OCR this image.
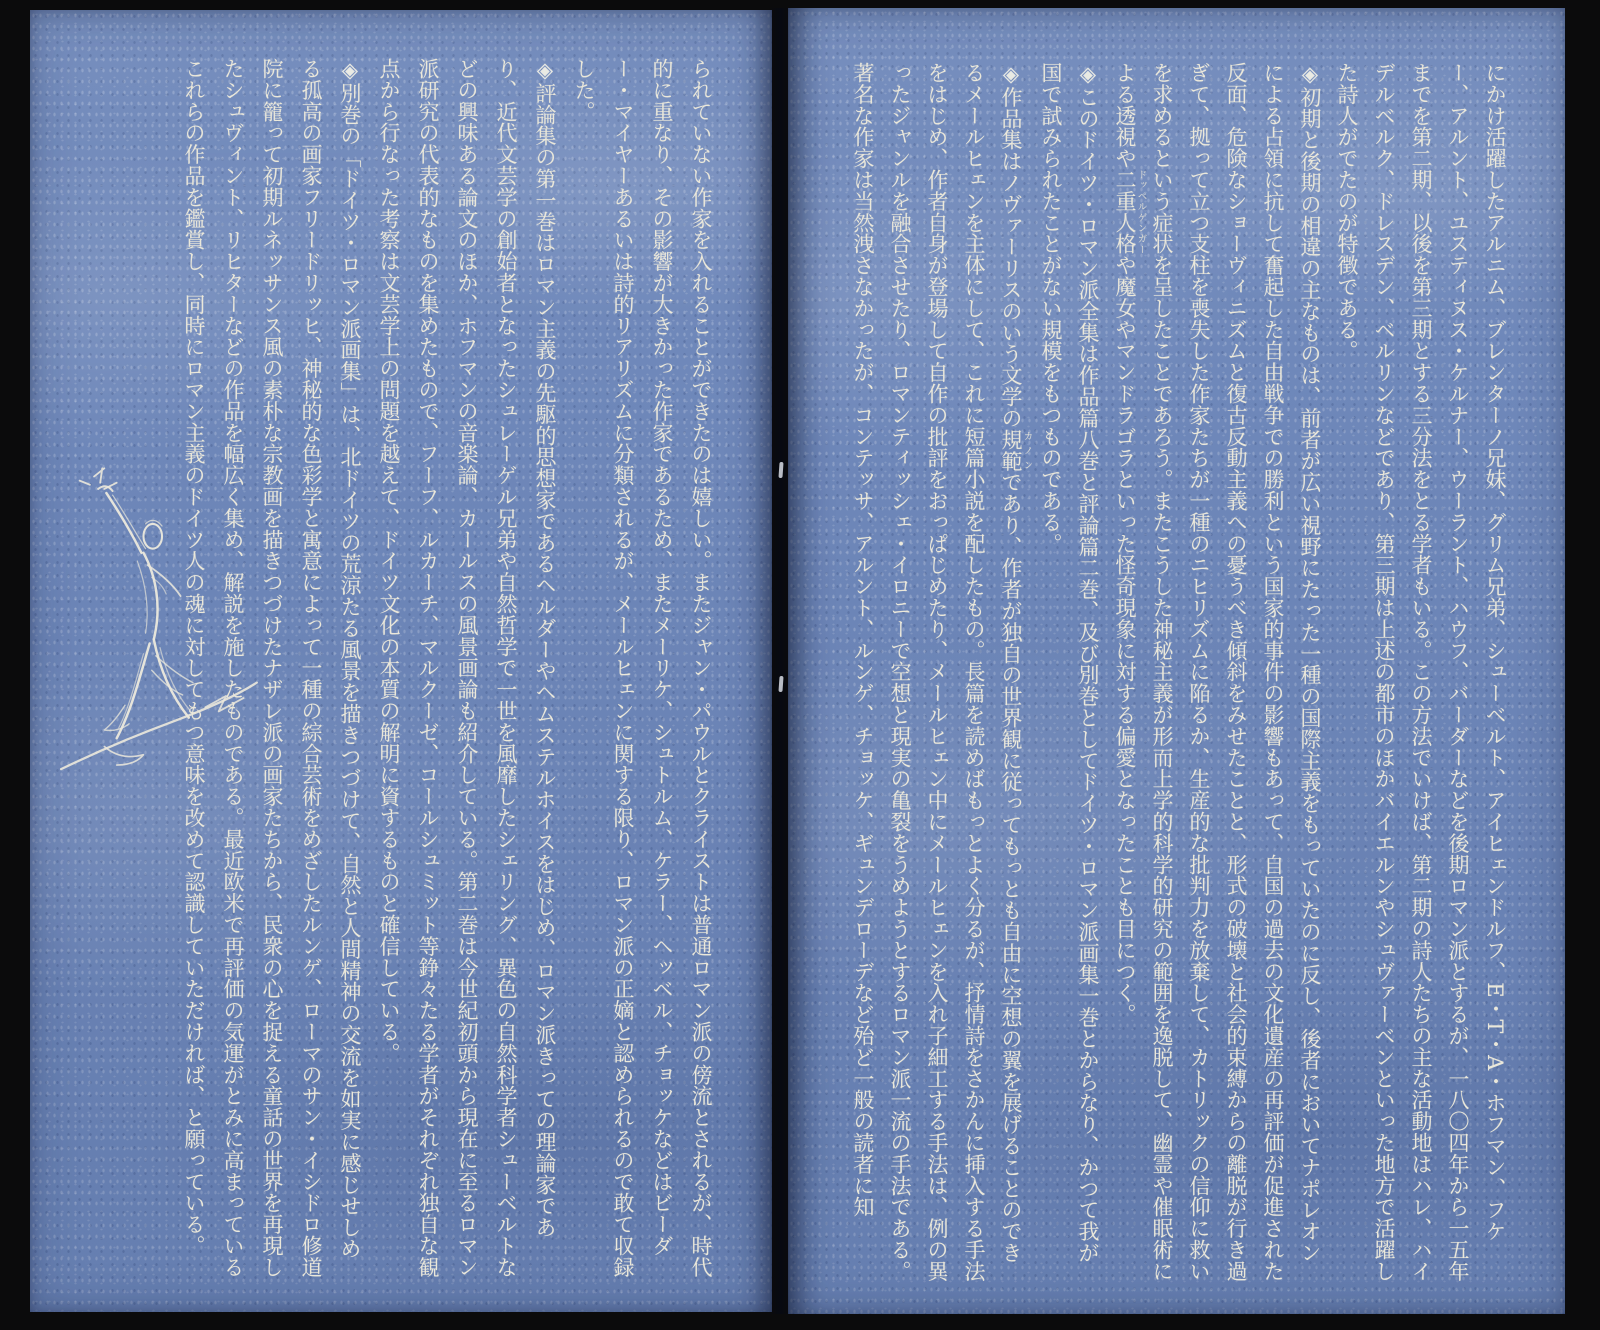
られていない作家を入れることができたのは嬉しい。またジャン・パウルとクライストは普通ロマン派の傍流とされるが、時代的に重なり、その影響が大きかった作家であるため、またメーリケ、シュトルム、ケラー、ヘッベル、チョッケなどはビーダー・マイヤーあるいは詩的リアリズムに分類されるが、メールヒェンに関する限り、ロマン派の正嫡と認められるので敢て収録した。

◈評論集の第一巻はロマン主義の先駆的思想家であるヘルダーやヘムステルホイスをはじめ、ロマン派きっての理論家であり、近代文芸学の創始者となったシュレーゲル兄弟や自然哲学で一世を風靡したシェリング、異色の自然科学者シューベルトなどの興味ある論文のほか、ホフマンの音楽論、カールスの風景画論も紹介している。第二巻は今世紀初頭から現在に至るロマン派研究の代表的なものを集めたもので、フーフ、ルカーチ、マルクーゼ、コールシュミット等錚々たる学者がそれぞれ独自な観点から行なった考察は文芸学上の問題を越えて、ドイツ文化の本質の解明に資するものと確信している。

◈別巻の「ドイツ・ロマン派画集」は、北ドイツの荒涼たる風景を描きつづけて、自然と人間精神の交流を如実に感じせしめる孤高の画家フリードリッヒ、神秘的な色彩学と寓意によって一種の綜合芸術をめざしたルンゲ、ローマのサン・イシドロ修道院に籠って初期ルネッサンス風の素朴な宗教画を描きつづけたナザレ派の画家たちから、民衆の心を捉える童話の世界を再現したシュヴィント、リヒターなどの作品を幅広く集め、解説を施したものである。最近欧米で再評価の気運がとみに高まっているこれらの作品を鑑賞し、同時にロマン主義のドイツ人の魂に対してもつ意味を改めて認識していただければ、と願っている。	にかけ活躍したアルニム、ブレンターノ兄妹、グリム兄弟、シューベルト、アイヒェンドルフ、E・T・A・ホフマン、フケー、アルント、ユスティヌス・ケルナー、ウーラント、ハウフ、バーダーなどを後期ロマン派とするが、一八〇四年から一五年までを第二期、以後を第三期とする三分法をとる学者もいる。この方法でいけば、第二期の詩人たちの主な活動地はハレ、ハイデルベルク、ドレスデン、ベルリンなどであり、第三期は上述の都市のほかバイエルンやシュヴァーベンといった地方で活躍した詩人がでたのが特徴である。

◈初期と後期の相違の主なものは、前者が広い視野にたった一種の国際主義をもっていたのに反し、後者においてナポレオンによる占領に抗して奮起した自由戦争での勝利という国家的事件の影響もあって、自国の過去の文化遺産の再評価が促進された反面、危険なショーヴィニズムと復古反動主義への憂うべき傾斜をみせたことと、形式の破壊と社会的束縛からの離脱が行き過ぎて、拠って立つ支柱を喪失した作家たちが一種のニヒリズムに陥るか、生産的な批判力を放棄して、カトリックの信仰に救いを求めるという症状を呈したことであろう。またこうした神秘主義が形而上学的科学的研究の範囲を逸脱して、幽霊や催眠術による透視や二重人格ドッペルゲンガーや魔女やマンドラゴラといった怪奇現象に対する偏愛となったことも目につく。

◈このドイツ・ロマン派全集は作品篇八巻と評論篇二巻、及び別巻としてドイツ・ロマン派画集一巻とからなり、かつて我が国で試みられたことがない規模をもつものである。

◈作品集はノヴァーリスのいう文学の規範カノンであり、作者が独自の世界観に従ってもっとも自由に空想の翼を展げることのできるメールヒェンを主体にして、これに短篇小説を配したもの。長篇を読めばもっとよく分るが、抒情詩をさかんに挿入する手法をはじめ、作者自身が登場して自作の批評をおっぱじめたり、メールヒェン中にメールヒェンを入れ子細工する手法は、例の異ったジャンルを融合させたり、ロマンティッシェ・イロニーで空想と現実の亀裂をうめようとするロマン派一流の手法である。著名な作家は当然洩さなかったが、コンテッサ、アルント、ルンゲ、チョッケ、ギュンデローデなど殆ど一般の読者に知
